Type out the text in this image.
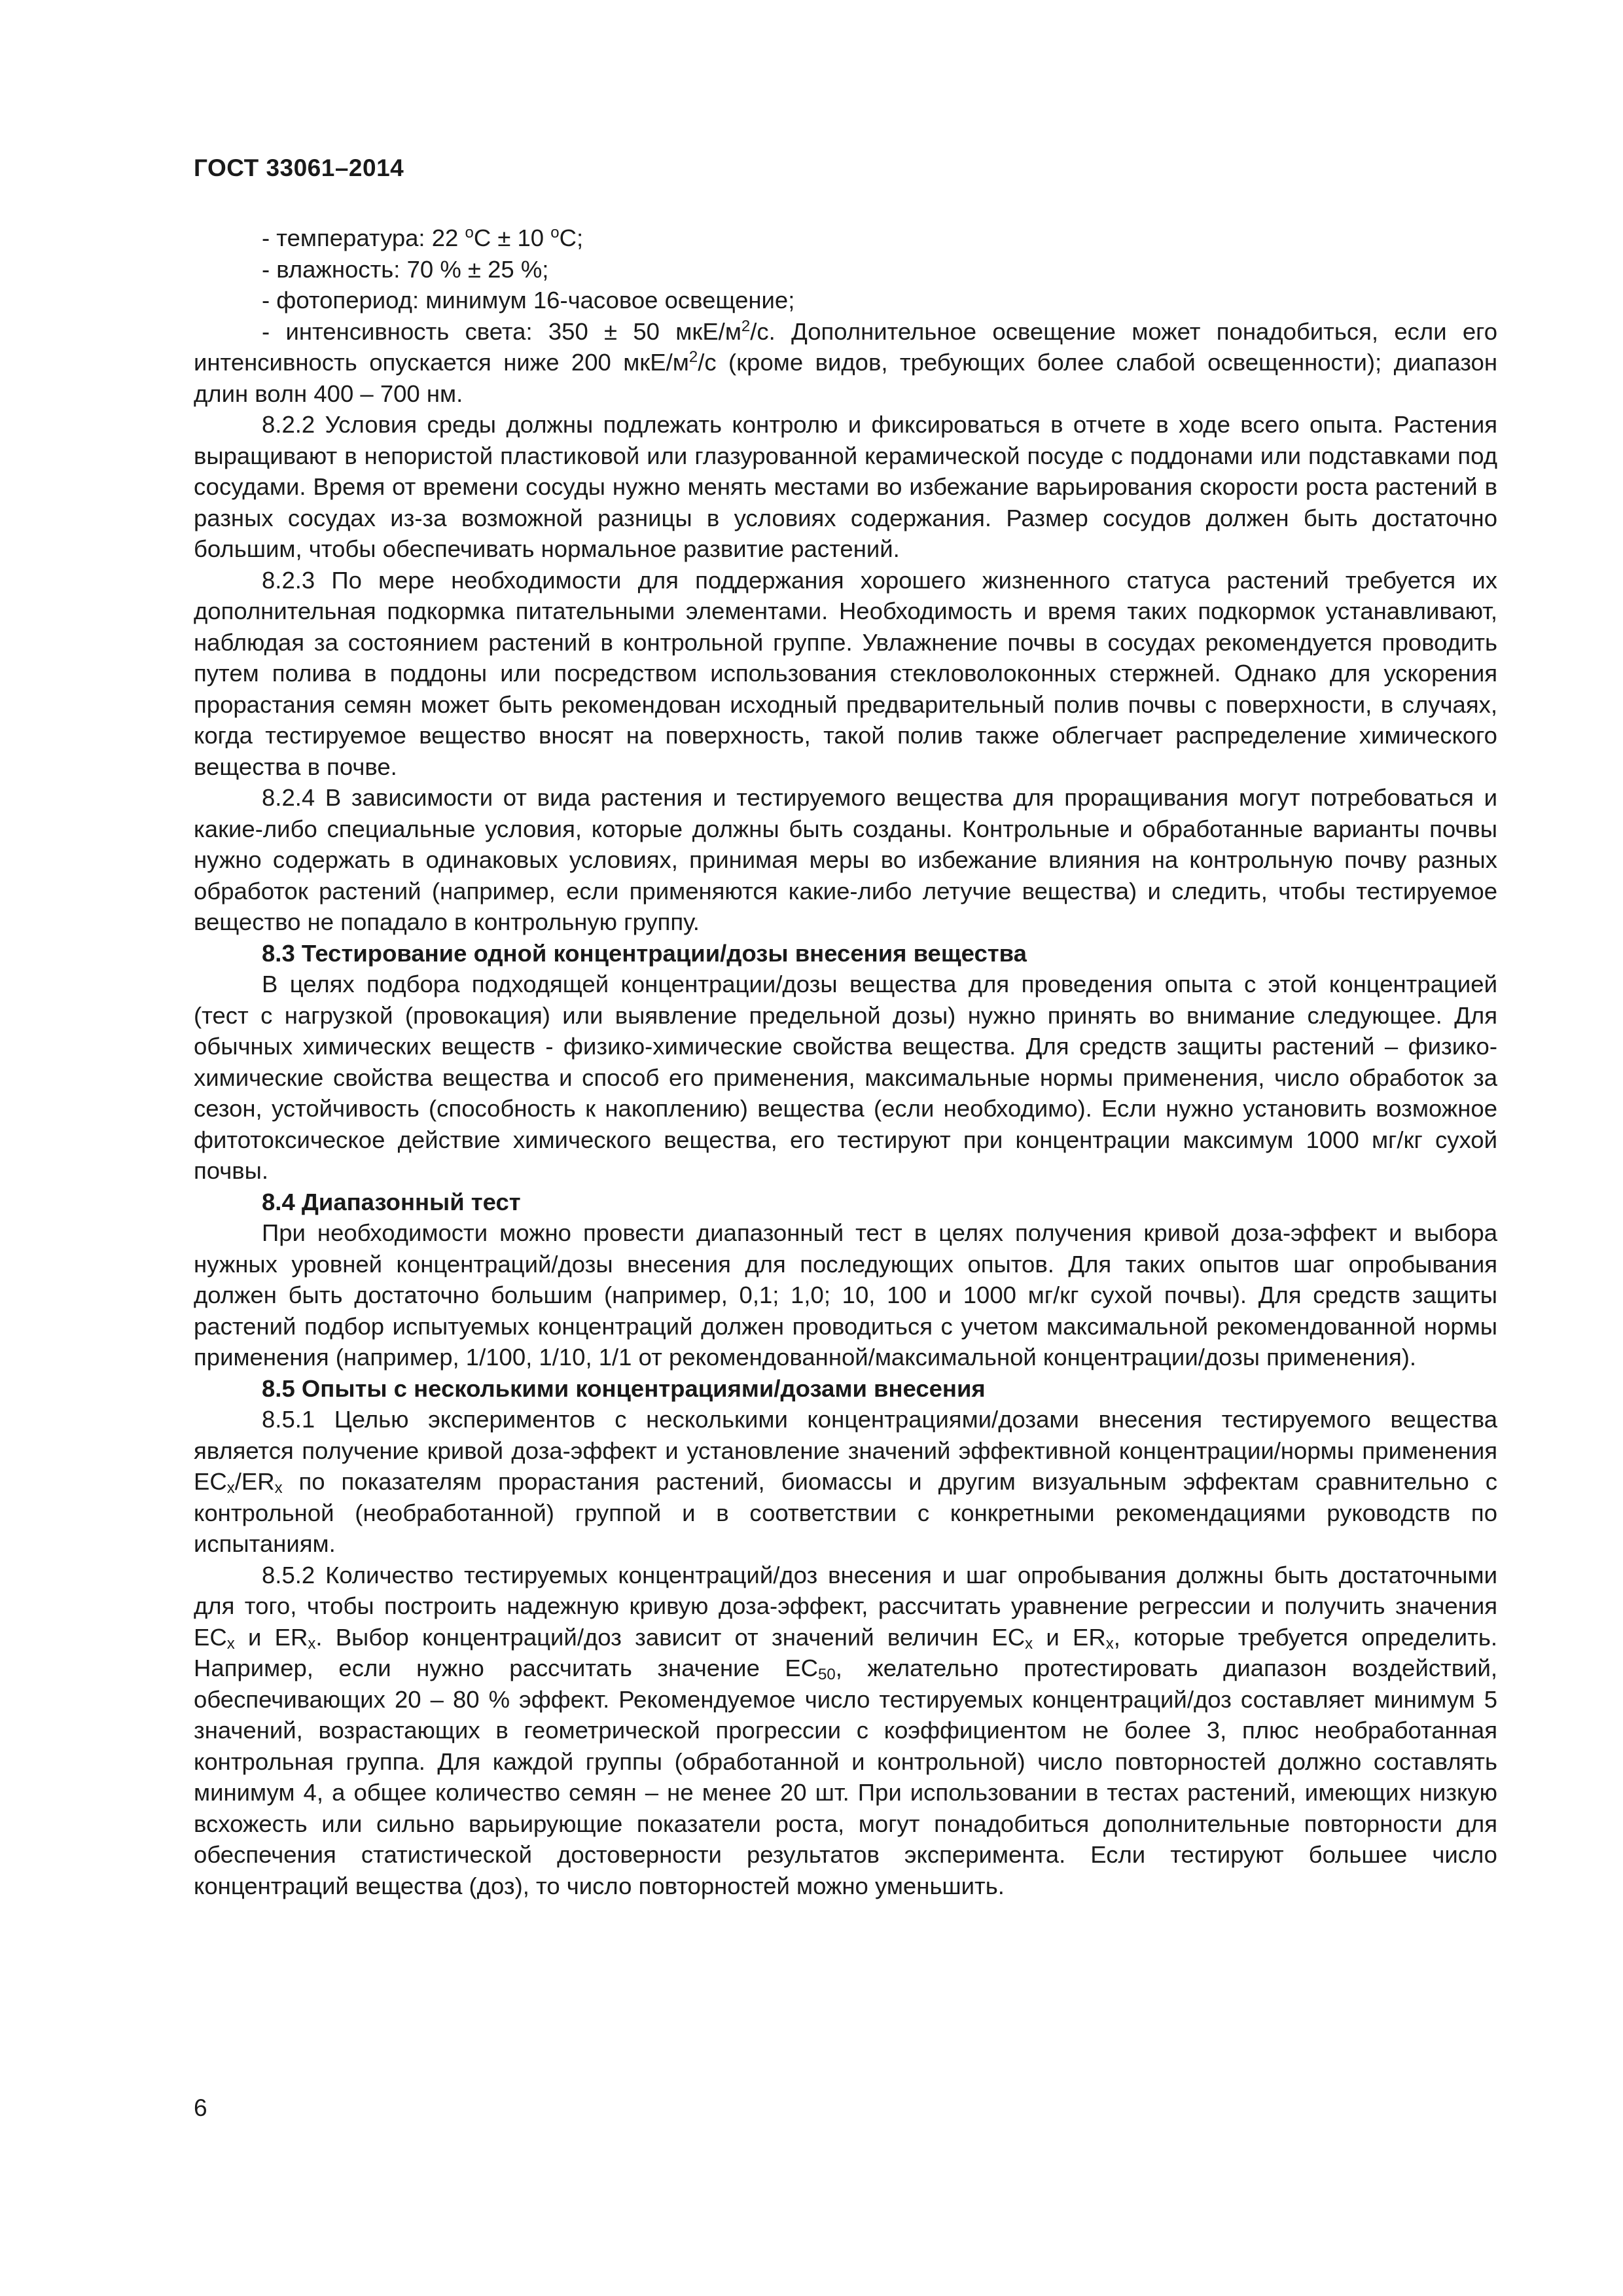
ГОСТ 33061–2014

- температура: 22 $^о$С ± 10 $^о$С;

- влажность: 70 % ± 25 %;

- фотопериод: минимум 16-часовое освещение;

- интенсивность света: 350 ± 50 мкЕ/$м^2/с$. Дополнительное освещение может понадобиться, если его интенсивность опускается ниже 200 мкЕ/$м^2/с$ (кроме видов, требующих более слабой освещенности); диапазон длин волн 400 – 700 нм.

8.2.2 Условия среды должны подлежать контролю и фиксироваться в отчете в ходе всего опыта. Растения выращивают в непористой пластиковой или глазурованной керамической посуде с поддонами или подставками под сосудами. Время от времени сосуды нужно менять местами во избежание варьирования скорости роста растений в разных сосудах из-за возможной разницы в условиях содержания. Размер сосудов должен быть достаточно большим, чтобы обеспечивать нормальное развитие растений.

8.2.3 По мере необходимости для поддержания хорошего жизненного статуса растений требуется их дополнительная подкормка питательными элементами. Необходимость и время таких подкормок устанавливают, наблюдая за состоянием растений в контрольной группе. Увлажнение почвы в сосудах рекомендуется проводить путем полива в поддоны или посредством использования стекловолоконных стержней. Однако для ускорения прорастания семян может быть рекомендован исходный предварительный полив почвы с поверхности, в случаях, когда тестируемое вещество вносят на поверхность, такой полив также облегчает распределение химического вещества в почве.

8.2.4 В зависимости от вида растения и тестируемого вещества для проращивания могут потребоваться и какие-либо специальные условия, которые должны быть созданы. Контрольные и обработанные варианты почвы нужно содержать в одинаковых условиях, принимая меры во избежание влияния на контрольную почву разных обработок растений (например, если применяются какие-либо летучие вещества) и следить, чтобы тестируемое вещество не попадало в контрольную группу.

8.3 Тестирование одной концентрации/дозы внесения вещества

В целях подбора подходящей концентрации/дозы вещества для проведения опыта с этой концентрацией (тест с нагрузкой (провокация) или выявление предельной дозы) нужно принять во внимание следующее. Для обычных химических веществ - физико-химические свойства вещества. Для средств защиты растений – физико-химические свойства вещества и способ его применения, максимальные нормы применения, число обработок за сезон, устойчивость (способность к накоплению) вещества (если необходимо). Если нужно установить возможное фитотоксическое действие химического вещества, его тестируют при концентрации максимум 1000 мг/кг сухой почвы.

8.4 Диапазонный тест

При необходимости можно провести диапазонный тест в целях получения кривой доза-эффект и выбора нужных уровней концентраций/дозы внесения для последующих опытов. Для таких опытов шаг опробывания должен быть достаточно большим (например, 0,1; 1,0; 10, 100 и 1000 мг/кг сухой почвы). Для средств защиты растений подбор испытуемых концентраций должен проводиться с учетом максимальной рекомендованной нормы применения (например, 1/100, 1/10, 1/1 от рекомендованной/максимальной концентрации/дозы применения).

8.5 Опыты с несколькими концентрациями/дозами внесения

8.5.1 Целью экспериментов с несколькими концентрациями/дозами внесения тестируемого вещества является получение кривой доза-эффект и установление значений эффективной концентрации/нормы применения $EC_x/ER_x$ по показателям прорастания растений, биомассы и другим визуальным эффектам сравнительно с контрольной (необработанной) группой и в соответствии с конкретными рекомендациями руководств по испытаниям.

8.5.2 Количество тестируемых концентраций/доз внесения и шаг опробывания должны быть достаточными для того, чтобы построить надежную кривую доза-эффект, рассчитать уравнение регрессии и получить значения $EC_x$ и $ER_x$. Выбор концентраций/доз зависит от значений величин $EC_x$ и $ER_x$, которые требуется определить. Например, если нужно рассчитать значение $EC_{50}$, желательно протестировать диапазон воздействий, обеспечивающих 20 – 80 % эффект. Рекомендуемое число тестируемых концентраций/доз составляет минимум 5 значений, возрастающих в геометрической прогрессии с коэффициентом не более 3, плюс необработанная контрольная группа. Для каждой группы (обработанной и контрольной) число повторностей должно составлять минимум 4, а общее количество семян – не менее 20 шт. При использовании в тестах растений, имеющих низкую всхожесть или сильно варьирующие показатели роста, могут понадобиться дополнительные повторности для обеспечения статистической достоверности результатов эксперимента. Если тестируют большее число концентраций вещества (доз), то число повторностей можно уменьшить.

6
